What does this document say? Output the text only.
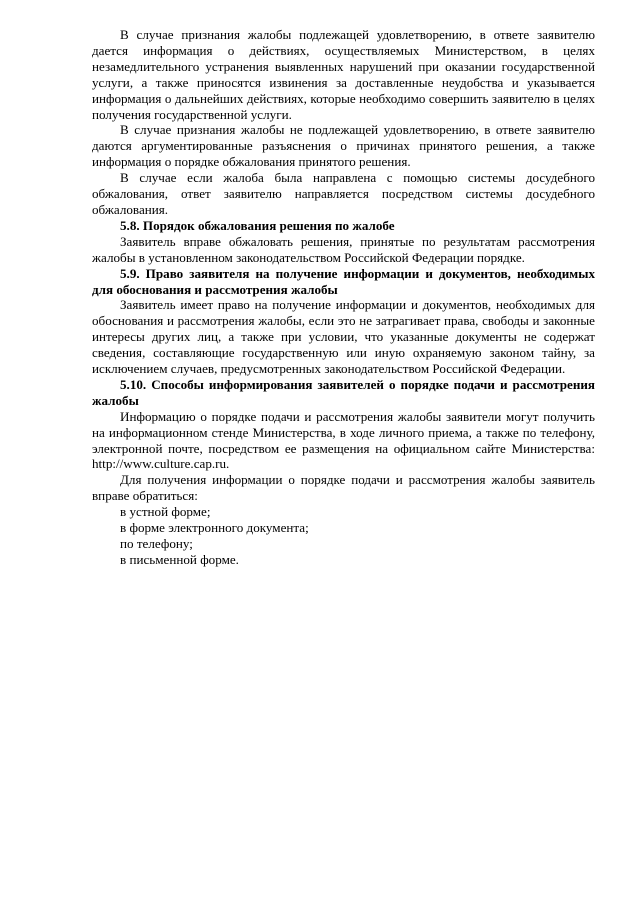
В случае признания жалобы подлежащей удовлетворению, в ответе заявителю дается информация о действиях, осуществляемых Министерством, в целях незамедлительного устранения выявленных нарушений при оказании государственной услуги, а также приносятся извинения за доставленные неудобства и указывается информация о дальнейших действиях, которые необходимо совершить заявителю в целях получения государственной услуги.

В случае признания жалобы не подлежащей удовлетворению, в ответе заявителю даются аргументированные разъяснения о причинах принятого решения, а также информация о порядке обжалования принятого решения.

В случае если жалоба была направлена с помощью системы досудебного обжалования, ответ заявителю направляется посредством системы досудебного обжалования.

5.8. Порядок обжалования решения по жалобе

Заявитель вправе обжаловать решения, принятые по результатам рассмотрения жалобы в установленном законодательством Российской Федерации порядке.

5.9. Право заявителя на получение информации и документов, необходимых для обоснования и рассмотрения жалобы

Заявитель имеет право на получение информации и документов, необходимых для обоснования и рассмотрения жалобы, если это не затрагивает права, свободы и законные интересы других лиц, а также при условии, что указанные документы не содержат сведения, составляющие государственную или иную охраняемую законом тайну, за исключением случаев, предусмотренных законодательством Российской Федерации.

5.10. Способы информирования заявителей о порядке подачи и рассмотрения жалобы

Информацию о порядке подачи и рассмотрения жалобы заявители могут получить на информационном стенде Министерства, в ходе личного приема, а также по телефону, электронной почте, посредством ее размещения на официальном сайте Министерства: http://www.culture.cap.ru.

Для получения информации о порядке подачи и рассмотрения жалобы заявитель вправе обратиться:

в устной форме;
в форме электронного документа;
по телефону;
в письменной форме.
